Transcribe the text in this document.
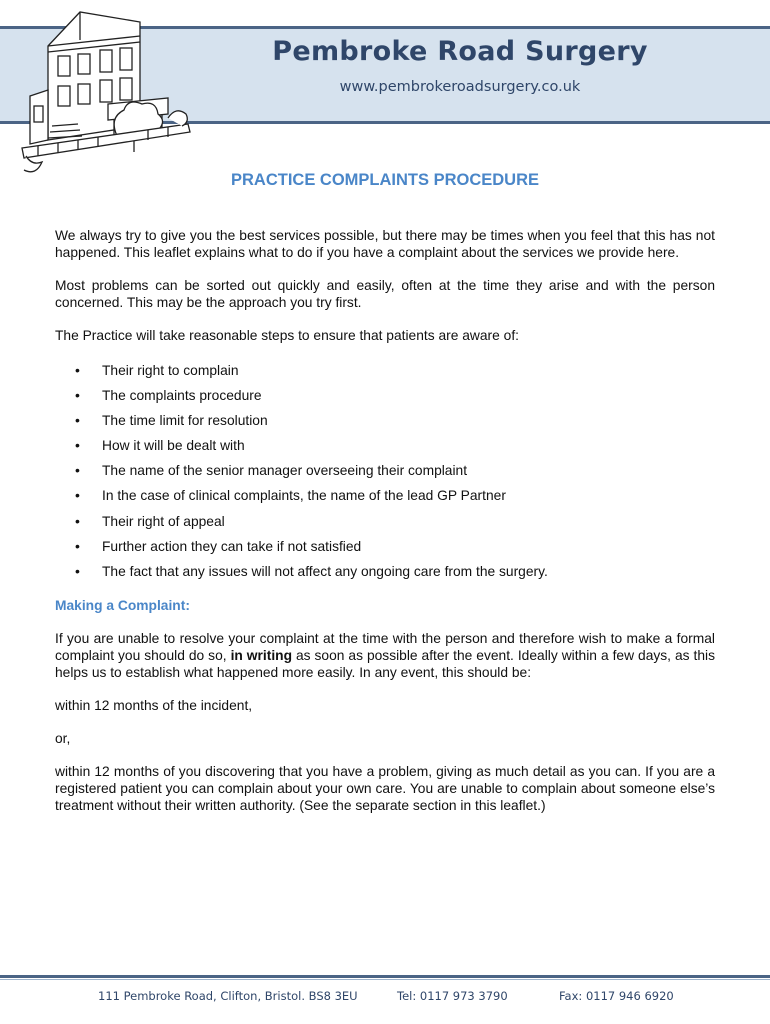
Pembroke Road Surgery
www.pembrokeroadsurgery.co.uk
PRACTICE COMPLAINTS PROCEDURE

We always try to give you the best services possible, but there may be times when you feel that this has not happened. This leaflet explains what to do if you have a complaint about the services we provide here.

Most problems can be sorted out quickly and easily, often at the time they arise and with the person concerned. This may be the approach you try first.

The Practice will take reasonable steps to ensure that patients are aware of:

• Their right to complain
• The complaints procedure
• The time limit for resolution
• How it will be dealt with
• The name of the senior manager overseeing their complaint
• In the case of clinical complaints, the name of the lead GP Partner
• Their right of appeal
• Further action they can take if not satisfied
• The fact that any issues will not affect any ongoing care from the surgery.

Making a Complaint:

If you are unable to resolve your complaint at the time with the person and therefore wish to make a formal complaint you should do so, in writing as soon as possible after the event. Ideally within a few days, as this helps us to establish what happened more easily. In any event, this should be:

within 12 months of the incident,

or,

within 12 months of you discovering that you have a problem, giving as much detail as you can. If you are a registered patient you can complain about your own care. You are unable to complain about someone else’s treatment without their written authority. (See the separate section in this leaflet.)

111 Pembroke Road, Clifton, Bristol. BS8 3EU	Tel: 0117 973 3790	Fax: 0117 946 6920
